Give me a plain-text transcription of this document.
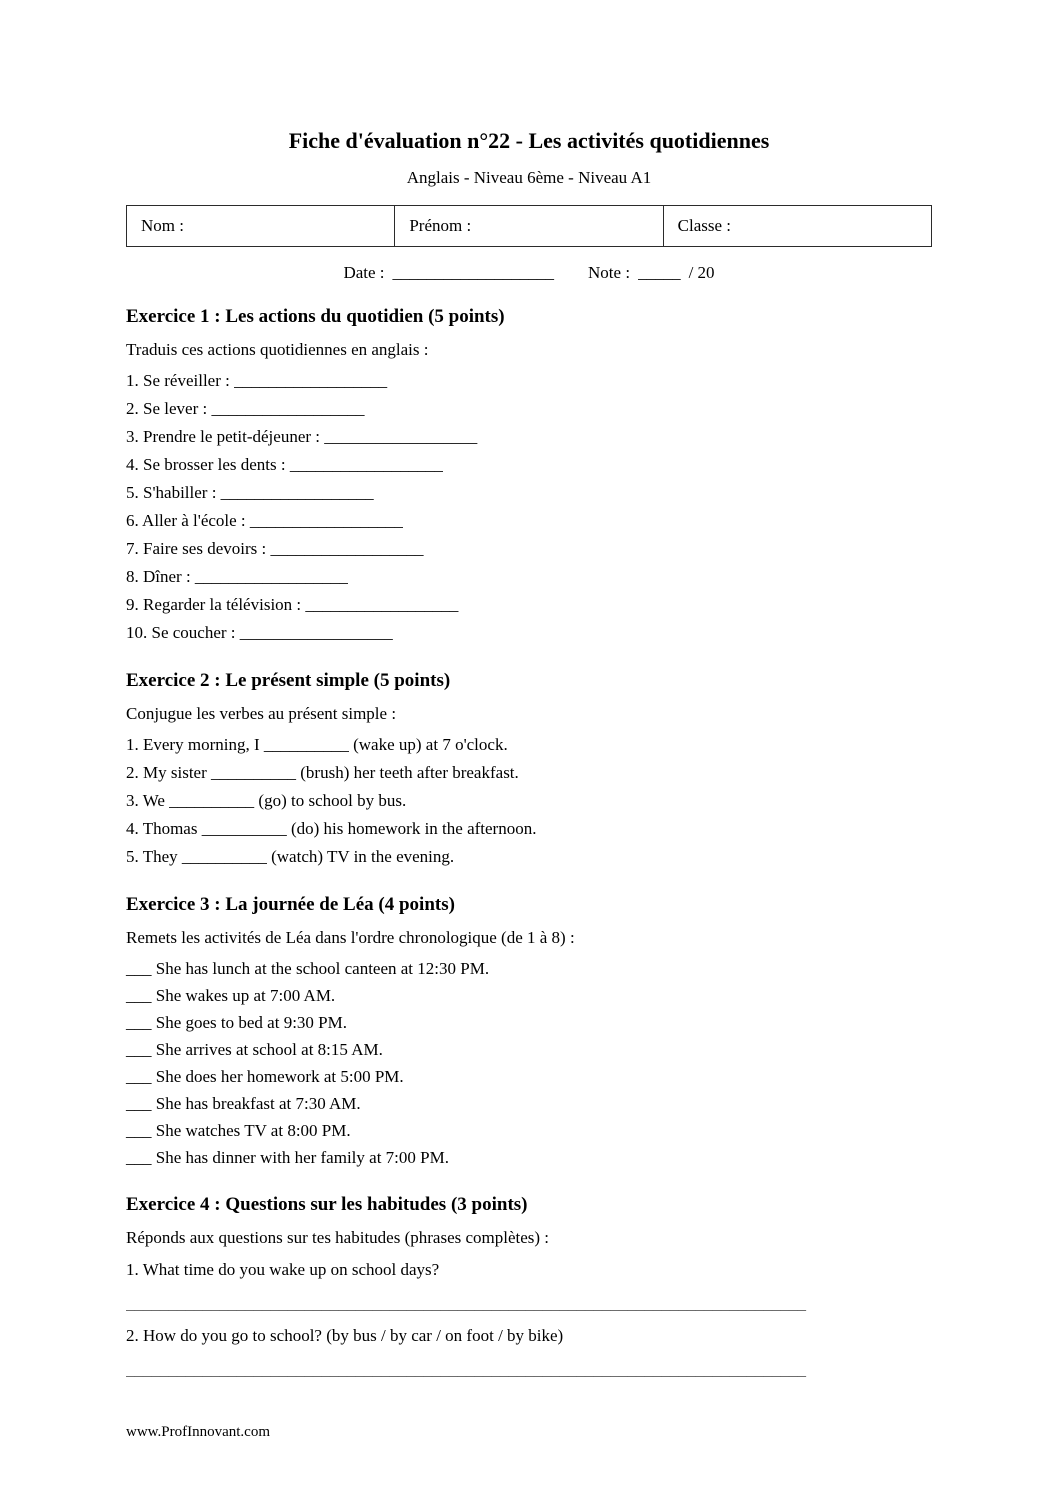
Fiche d'évaluation n°22 - Les activités quotidiennes
Anglais - Niveau 6ème - Niveau A1
Nom :	Prénom :	Classe :
Date : ___________________ Note : _____ / 20
Exercice 1 : Les actions du quotidien (5 points)

Traduis ces actions quotidiennes en anglais :

1. Se réveiller : __________________
2. Se lever : __________________
3. Prendre le petit-déjeuner : __________________
4. Se brosser les dents : __________________
5. S'habiller : __________________
6. Aller à l'école : __________________
7. Faire ses devoirs : __________________
8. Dîner : __________________
9. Regarder la télévision : __________________
10. Se coucher : __________________
Exercice 2 : Le présent simple (5 points)

Conjugue les verbes au présent simple :

1. Every morning, I __________ (wake up) at 7 o'clock.
2. My sister __________ (brush) her teeth after breakfast.
3. We __________ (go) to school by bus.
4. Thomas __________ (do) his homework in the afternoon.
5. They __________ (watch) TV in the evening.
Exercice 3 : La journée de Léa (4 points)

Remets les activités de Léa dans l'ordre chronologique (de 1 à 8) :

___ She has lunch at the school canteen at 12:30 PM.
___ She wakes up at 7:00 AM.
___ She goes to bed at 9:30 PM.
___ She arrives at school at 8:15 AM.
___ She does her homework at 5:00 PM.
___ She has breakfast at 7:30 AM.
___ She watches TV at 8:00 PM.
___ She has dinner with her family at 7:00 PM.
Exercice 4 : Questions sur les habitudes (3 points)

Réponds aux questions sur tes habitudes (phrases complètes) :

1. What time do you wake up on school days?
________________________________________________________________________________
2. How do you go to school? (by bus / by car / on foot / by bike)
________________________________________________________________________________
www.ProfInnovant.com
